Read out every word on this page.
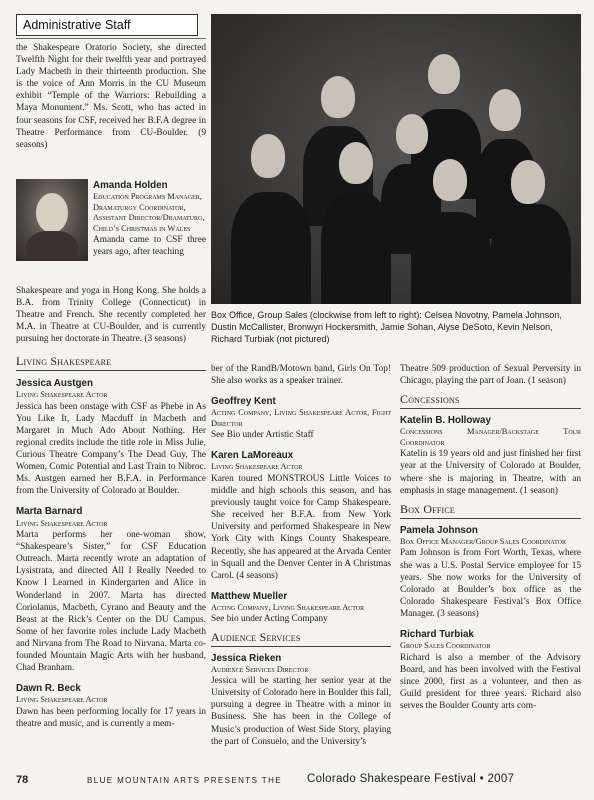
Administrative Staff

the Shakespeare Oratorio Society, she directed Twelfth Night for their twelfth year and portrayed Lady Macbeth in their thirteenth production. She is the voice of Ann Morris in the CU Museum exhibit “Temple of the Warriors: Rebuilding a Maya Monument.” Ms. Scott, who has acted in four seasons for CSF, received her B.F.A degree in Theatre Performance from CU-Boulder. (9 seasons)

Amanda Holden

Education Programs Manager, Dramaturgy Coordinator, Assistant Director/Dramaturg, Child’s Christmas in Wales

Amanda came to CSF three years ago, after teaching

Shakespeare and yoga in Hong Kong. She holds a B.A. from Trinity College (Connecticut) in Theatre and French. She recently completed her M.A. in Theatre at CU-Boulder, and is currently pursuing her doctorate in Theatre. (3 seasons)

Box Office, Group Sales (clockwise from left to right): Celsea Novotny, Pamela Johnson, Dustin McCallister, Bronwyn Hockersmith, Jamie Sohan, Alyse DeSoto, Kevin Nelson, Richard Turbiak (not pictured)

Living Shakespeare

Jessica Austgen

Living Shakespeare Actor

Jessica has been onstage with CSF as Phebe in As You Like It, Lady Macduff in Macbeth and Margaret in Much Ado About Nothing. Her regional credits include the title role in Miss Julie, Curious Theatre Company’s The Dead Guy, The Women, Comic Potential and Last Train to Nibroc. Ms. Austgen earned her B.F.A. in Performance from the University of Colorado at Boulder.

Marta Barnard

Living Shakespeare Actor

Marta performs her one-woman show, “Shakespeare’s Sister,” for CSF Education Outreach. Marta recently wrote an adaptation of Lysistrata, and directed All I Really Needed to Know I Learned in Kindergarten and Alice in Wonderland in 2007. Marta has directed Coriolanus, Macbeth, Cyrano and Beauty and the Beast at the Rick’s Center on the DU Campus. Some of her favorite roles include Lady Macbeth and Nirvana from The Road to Nirvana. Marta co-founded Mountain Magic Arts with her husband, Chad Branham.

Dawn R. Beck

Living Shakespeare Actor

Dawn has been performing locally for 17 years in theatre and music, and is currently a mem-

ber of the RandB/Motown band, Girls On Top! She also works as a speaker trainer.

Geoffrey Kent

Acting Company, Living Shakespeare Actor, Fight Director

See Bio under Artistic Staff

Karen LaMoreaux

Living Shakespeare Actor

Karen toured MONSTROUS Little Voices to middle and high schools this season, and has previously taught voice for Camp Shakespeare. She received her B.F.A. from New York University and performed Shakespeare in New York City with Kings County Shakespeare. Recently, she has appeared at the Arvada Center in Squall and the Denver Center in A Christmas Carol. (4 seasons)

Matthew Mueller

Acting Company, Living Shakespeare Actor

See bio under Acting Company

Audience Services

Jessica Rieken

Audience Services Director

Jessica will be starting her senior year at the University of Colorado here in Boulder this fall, pursuing a degree in Theatre with a minor in Business. She has been in the College of Music’s production of West Side Story, playing the part of Consuelo, and the University’s

Theatre 509 production of Sexual Perversity in Chicago, playing the part of Joan. (1 season)

Concessions

Katelin B. Holloway

Concessions Manager/Backstage Tour Coordinator

Katelin is 19 years old and just finished her first year at the University of Colorado at Boulder, where she is majoring in Theatre, with an emphasis in stage management. (1 season)

Box Office

Pamela Johnson

Box Office Manager/Group Sales Coordinator

Pam Johnson is from Fort Worth, Texas, where she was a U.S. Postal Service employee for 15 years. She now works for the University of Colorado at Boulder’s box office as the Colorado Shakespeare Festival’s Box Office Manager. (3 seasons)

Richard Turbiak

Group Sales Coordinator

Richard is also a member of the Advisory Board, and has been involved with the Festival since 2000, first as a volunteer, and then as Guild president for three years. Richard also serves the Boulder County arts com-

78	BLUE MOUNTAIN ARTS PRESENTS THE Colorado Shakespeare Festival • 2007
